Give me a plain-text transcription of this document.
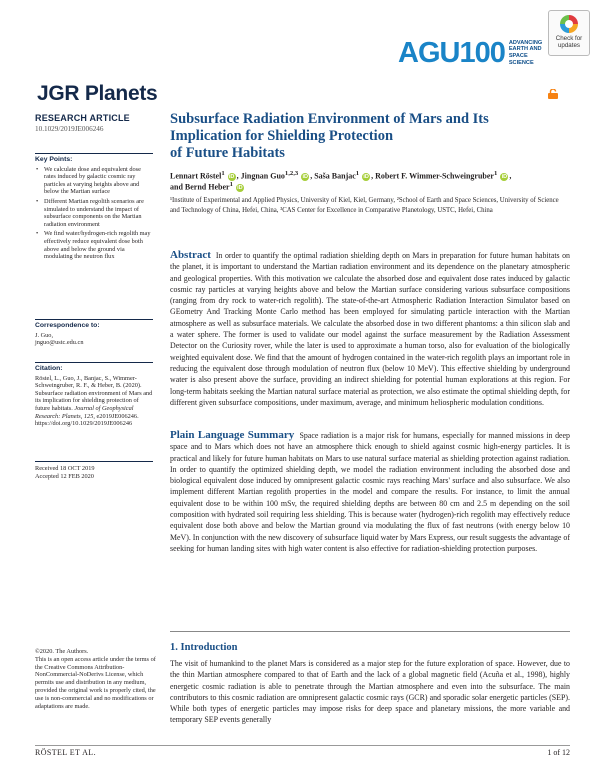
Check for updates
AGU100 ADVANCING EARTH AND SPACE SCIENCE
JGR Planets
RESEARCH ARTICLE
10.1029/2019JE006246
Key Points:
• We calculate dose and equivalent dose rates induced by galactic cosmic ray particles at varying heights above and below the Martian surface
• Different Martian regolith scenarios are simulated to understand the impact of subsurface components on the Martian radiation environment
• We find water/hydrogen-rich regolith may effectively reduce equivalent dose both above and below the ground via modulating the neutron flux
Correspondence to:
J. Guo,
jnguo@ustc.edu.cn
Citation:
Röstel, L., Guo, J., Banjac, S., Wimmer-Schweingruber, R. F., & Heber, B. (2020). Subsurface radiation environment of Mars and its implication for shielding protection of future habitats. Journal of Geophysical Research: Planets, 125, e2019JE006246. https://doi.org/10.1029/2019JE006246
Received 18 OCT 2019
Accepted 12 FEB 2020
©2020. The Authors.
This is an open access article under the terms of the Creative Commons Attribution-NonCommercial-NoDerivs License, which permits use and distribution in any medium, provided the original work is properly cited, the use is non-commercial and no modifications or adaptations are made.
Subsurface Radiation Environment of Mars and Its
Implication for Shielding Protection
of Future Habitats
Lennart Röstel$^1$ iD , Jingnan Guo$^{1,2,3}$ iD , Saša Banjac$^1$ iD , Robert F. Wimmer-Schweingruber$^1$ iD ,
and Bernd Heber$^1$ iD
¹Institute of Experimental and Applied Physics, University of Kiel, Kiel, Germany, ²School of Earth and Space Sciences, University of Science and Technology of China, Hefei, China, ³CAS Center for Excellence in Comparative Planetology, USTC, Hefei, China
Abstract In order to quantify the optimal radiation shielding depth on Mars in preparation for future human habitats on the planet, it is important to understand the Martian radiation environment and its dependence on the planetary atmospheric and geological properties. With this motivation we calculate the absorbed dose and equivalent dose rates induced by galactic cosmic ray particles at varying heights above and below the Martian surface considering various subsurface compositions (ranging from dry rock to water-rich regolith). The state-of-the-art Atmospheric Radiation Interaction Simulator based on GEometry And Tracking Monte Carlo method has been employed for simulating particle interaction with the Martian atmosphere as well as subsurface materials. We calculate the absorbed dose in two different phantoms: a thin silicon slab and a water sphere. The former is used to validate our model against the surface measurement by the Radiation Assessment Detector on the Curiosity rover, while the later is used to approximate a human torso, also for evaluation of the biologically weighted equivalent dose. We find that the amount of hydrogen contained in the water-rich regolith plays an important role in reducing the equivalent dose through modulation of neutron flux (below 10 MeV). This effective shielding by underground water is also present above the surface, providing an indirect shielding for potential human explorations at this region. For long-term habitats seeking the Martian natural surface material as protection, we also estimate the optimal shielding depth, for different given subsurface compositions, under maximum, average, and minimum heliospheric modulation conditions.
Plain Language Summary Space radiation is a major risk for humans, especially for manned missions in deep space and to Mars which does not have an atmosphere thick enough to shield against cosmic high-energy particles. It is practical and likely for future human habitats on Mars to use natural surface material as shielding protection against radiation. In order to quantify the optimized shielding depth, we model the radiation environment including the absorbed dose and biological equivalent dose induced by omnipresent galactic cosmic rays reaching Mars' surface and also subsurface. We also implement different Martian regolith properties in the model and compare the results. For instance, to limit the annual equivalent dose to be within 100 mSv, the required shielding depths are between 80 cm and 2.5 m depending on the soil composition with hydrated soil requiring less shielding. This is because water (hydrogen)-rich regolith may effectively reduce equivalent dose both above and below the Martian ground via modulating the flux of fast neutrons (with energy below 10 MeV). In conjunction with the new discovery of subsurface liquid water by Mars Express, our result suggests the advantage of seeking for human landing sites with high water content is also effective for radiation-shielding protection purposes.
1. Introduction
The visit of humankind to the planet Mars is considered as a major step for the future exploration of space. However, due to the thin Martian atmosphere compared to that of Earth and the lack of a global magnetic field (Acuña et al., 1998), highly energetic cosmic radiation is able to penetrate through the Martian atmosphere and even into the subsurface. The main contributors to this cosmic radiation are omnipresent galactic cosmic rays (GCR) and sporadic solar energetic particles (SEP). While both types of energetic particles may impose risks for deep space and planetary missions, the more variable and temporary SEP events generally
RÖSTEL ET AL.	1 of 12
